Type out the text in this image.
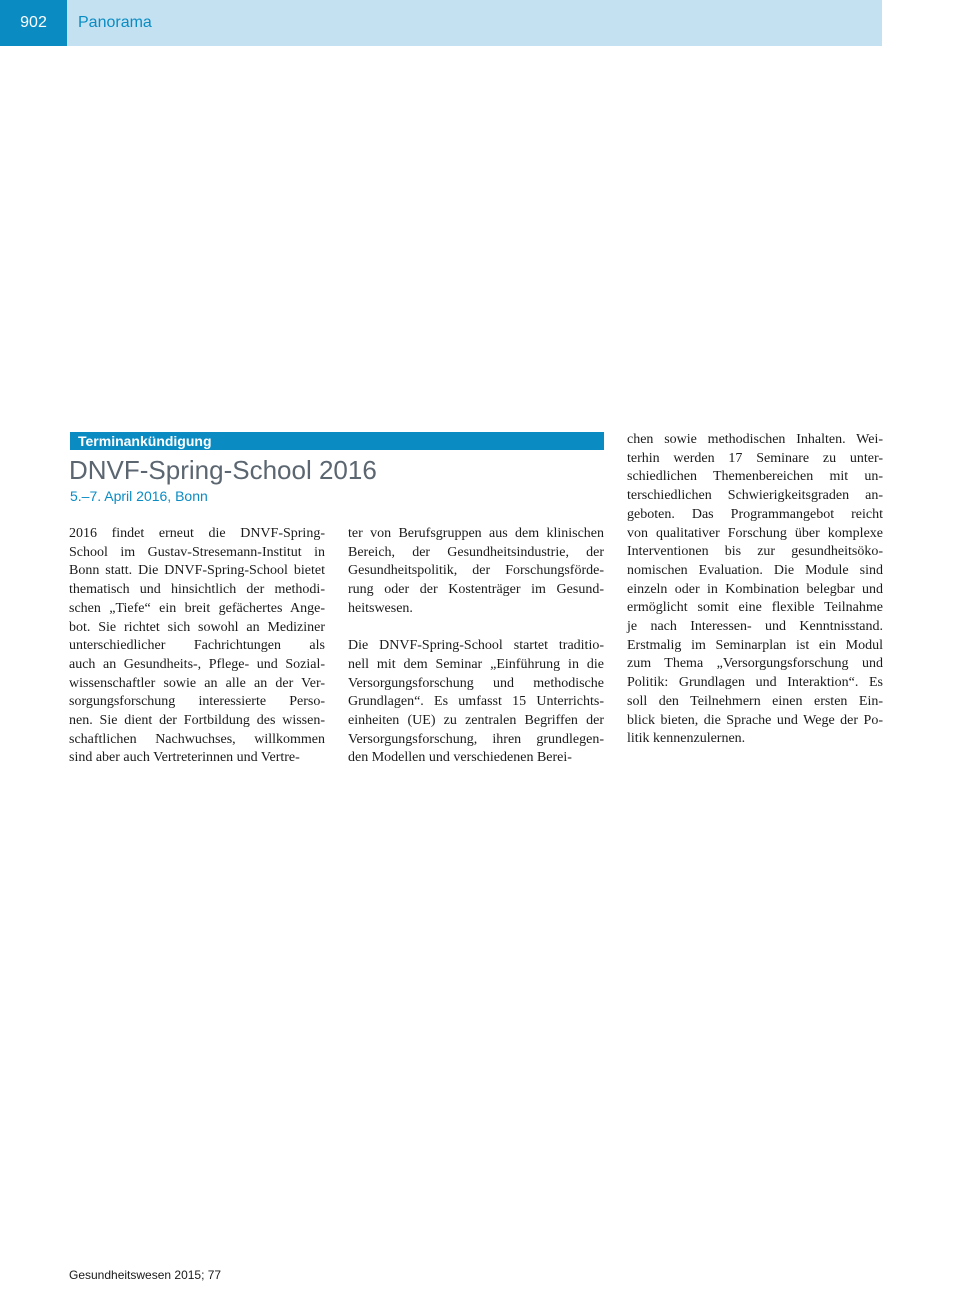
902	Panorama
Terminankündigung
DNVF-Spring-School 2016
5.–7. April 2016, Bonn
2016 findet erneut die DNVF-Spring-
School im Gustav-Stresemann-Institut in
Bonn statt. Die DNVF-Spring-School bietet
thematisch und hinsichtlich der methodi-
schen „Tiefe“ ein breit gefächertes Ange-
bot. Sie richtet sich sowohl an Mediziner
unterschiedlicher Fachrichtungen als
auch an Gesundheits-, Pflege- und Sozial-
wissenschaftler sowie an alle an der Ver-
sorgungsforschung interessierte Perso-
nen. Sie dient der Fortbildung des wissen-
schaftlichen Nachwuchses, willkommen
sind aber auch Vertreterinnen und Vertre-
ter von Berufsgruppen aus dem klinischen
Bereich, der Gesundheitsindustrie, der
Gesundheitspolitik, der Forschungsförde-
rung oder der Kostenträger im Gesund-
heitswesen.
Die DNVF-Spring-School startet traditio-
nell mit dem Seminar „Einführung in die
Versorgungsforschung und methodische
Grundlagen“. Es umfasst 15 Unterrichts-
einheiten (UE) zu zentralen Begriffen der
Versorgungsforschung, ihren grundlegen-
den Modellen und verschiedenen Berei-
chen sowie methodischen Inhalten. Wei-
terhin werden 17 Seminare zu unter-
schiedlichen Themenbereichen mit un-
terschiedlichen Schwierigkeitsgraden an-
geboten. Das Programmangebot reicht
von qualitativer Forschung über komplexe
Interventionen bis zur gesundheitsöko-
nomischen Evaluation. Die Module sind
einzeln oder in Kombination belegbar und
ermöglicht somit eine flexible Teilnahme
je nach Interessen- und Kenntnisstand.
Erstmalig im Seminarplan ist ein Modul
zum Thema „Versorgungsforschung und
Politik: Grundlagen und Interaktion“. Es
soll den Teilnehmern einen ersten Ein-
blick bieten, die Sprache und Wege der Po-
litik kennenzulernen.
Gesundheitswesen 2015; 77
